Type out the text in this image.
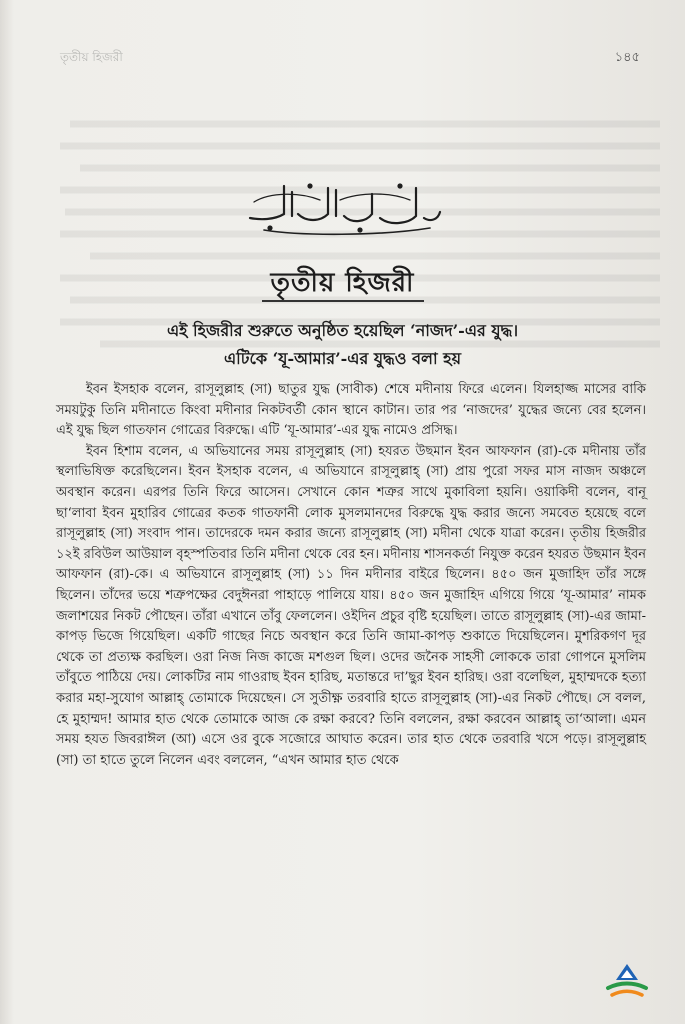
তৃতীয় হিজরী	১৪৫
بِسْمِ اللهِ الرَّحْمٰنِ الرَّحِيْمِ
তৃতীয় হিজরী
এই হিজরীর শুরুতে অনুষ্ঠিত হয়েছিল ‘নাজদ’-এর যুদ্ধ।
এটিকে ‘যূ-আমার’-এর যুদ্ধও বলা হয়

ইবন ইসহাক বলেন, রাসূলুল্লাহ (সা) ছাতুর যুদ্ধ (সাবীক) শেষে মদীনায় ফিরে এলেন। যিলহাজ্জ মাসের বাকি সময়টুকু তিনি মদীনাতে কিংবা মদীনার নিকটবর্তী কোন স্থানে কাটান। তার পর ‘নাজদের’ যুদ্ধের জন্যে বের হলেন। এই যুদ্ধ ছিল গাতফান গোত্রের বিরুদ্ধে। এটি ‘যূ-আমার’-এর যুদ্ধ নামেও প্রসিদ্ধ।

ইবন হিশাম বলেন, এ অভিযানের সময় রাসূলুল্লাহ (সা) হযরত উছমান ইবন আফফান (রা)-কে মদীনায় তাঁর স্থলাভিষিক্ত করেছিলেন। ইবন ইসহাক বলেন, এ অভিযানে রাসূলুল্লাহ্ (সা) প্রায় পুরো সফর মাস নাজদ অঞ্চলে অবস্থান করেন। এরপর তিনি ফিরে আসেন। সেখানে কোন শত্রুর সাথে মুকাবিলা হয়নি। ওয়াকিদী বলেন, বানূ ছা‘লাবা ইবন মুহারিব গোত্রের কতক গাতফানী লোক মুসলমানদের বিরুদ্ধে যুদ্ধ করার জন্যে সমবেত হয়েছে বলে রাসূলুল্লাহ (সা) সংবাদ পান। তাদেরকে দমন করার জন্যে রাসূলুল্লাহ (সা) মদীনা থেকে যাত্রা করেন। তৃতীয় হিজরীর ১২ই রবিউল আউয়াল বৃহস্পতিবার তিনি মদীনা থেকে বের হন। মদীনায় শাসনকর্তা নিযুক্ত করেন হযরত উছমান ইবন আফফান (রা)-কে। এ অভিযানে রাসূলুল্লাহ (সা) ১১ দিন মদীনার বাইরে ছিলেন। ৪৫০ জন মুজাহিদ তাঁর সঙ্গে ছিলেন। তাঁদের ভয়ে শত্রুপক্ষের বেদুঈনরা পাহাড়ে পালিয়ে যায়। ৪৫০ জন মুজাহিদ এগিয়ে গিয়ে ‘যূ-আমার’ নামক জলাশয়ের নিকট পৌছেন। তাঁরা এখানে তাঁবু ফেললেন। ওইদিন প্রচুর বৃষ্টি হয়েছিল। তাতে রাসূলুল্লাহ (সা)-এর জামা-কাপড় ভিজে গিয়েছিল। একটি গাছের নিচে অবস্থান করে তিনি জামা-কাপড় শুকাতে দিয়েছিলেন। মুশরিকগণ দূর থেকে তা প্রত্যক্ষ করছিল। ওরা নিজ নিজ কাজে মশগুল ছিল। ওদের জনৈক সাহসী লোককে তারা গোপনে মুসলিম তাঁবুতে পাঠিয়ে দেয়। লোকটির নাম গাওরাছ ইবন হারিছ, মতান্তরে দা’ছুর ইবন হারিছ। ওরা বলেছিল, মুহাম্মদকে হত্যা করার মহা-সুযোগ আল্লাহ্ তোমাকে দিয়েছেন। সে সুতীক্ষ্ণ তরবারি হাতে রাসূলুল্লাহ (সা)-এর নিকট পৌছে। সে বলল, হে মুহাম্মদ! আমার হাত থেকে তোমাকে আজ কে রক্ষা করবে? তিনি বললেন, রক্ষা করবেন আল্লাহ্ তা‘আলা। এমন সময় হযত জিবরাঈল (আ) এসে ওর বুকে সজোরে আঘাত করেন। তার হাত থেকে তরবারি খসে পড়ে। রাসূলুল্লাহ (সা) তা হাতে তুলে নিলেন এবং বললেন, “এখন আমার হাত থেকে
